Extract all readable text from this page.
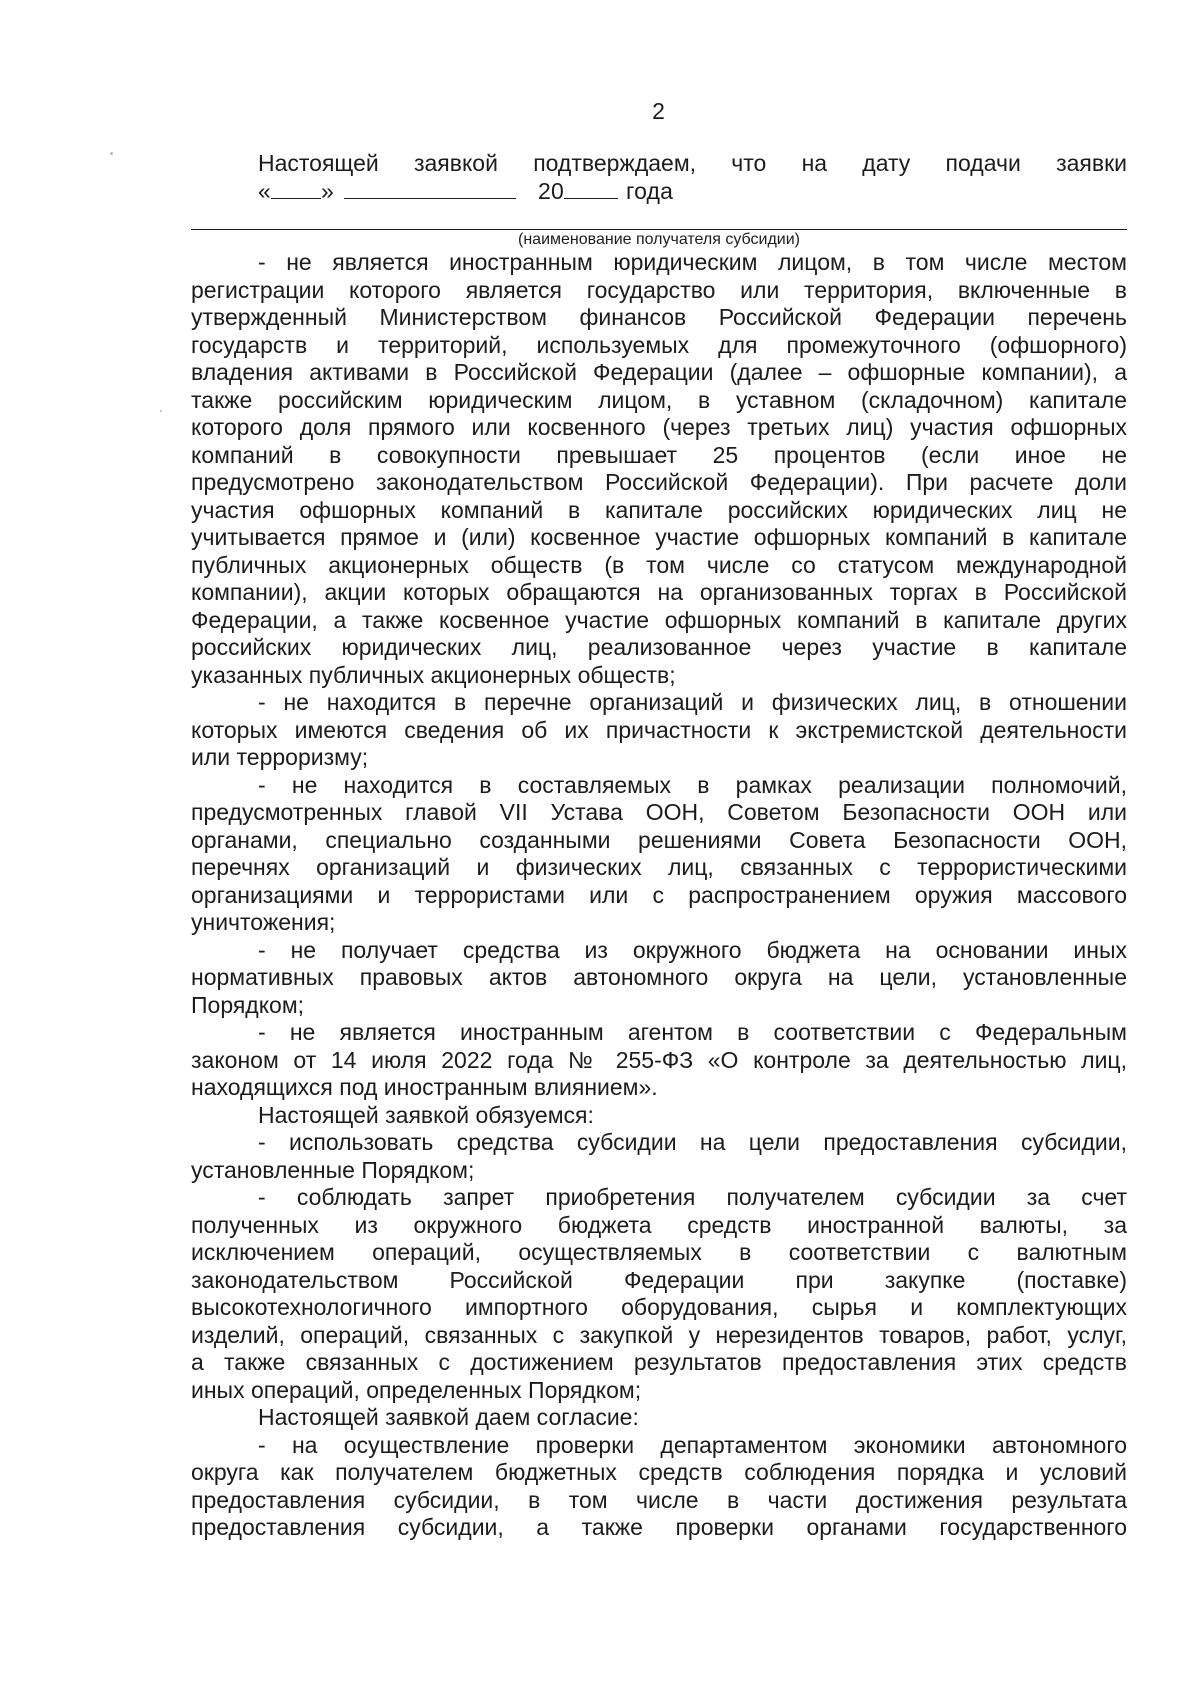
2
Настоящей заявкой подтверждаем, что на дату подачи заявки
« »	20	года
(наименование получателя субсидии)
- не является иностранным юридическим лицом, в том числе местом
регистрации которого является государство или территория, включенные в
утвержденный Министерством финансов Российской Федерации перечень
государств и территорий, используемых для промежуточного (офшорного)
владения активами в Российской Федерации (далее – офшорные компании), а
также российским юридическим лицом, в уставном (складочном) капитале
которого доля прямого или косвенного (через третьих лиц) участия офшорных
компаний в совокупности превышает 25 процентов (если иное не
предусмотрено законодательством Российской Федерации). При расчете доли
участия офшорных компаний в капитале российских юридических лиц не
учитывается прямое и (или) косвенное участие офшорных компаний в капитале
публичных акционерных обществ (в том числе со статусом международной
компании), акции которых обращаются на организованных торгах в Российской
Федерации, а также косвенное участие офшорных компаний в капитале других
российских юридических лиц, реализованное через участие в капитале
указанных публичных акционерных обществ;
- не находится в перечне организаций и физических лиц, в отношении
которых имеются сведения об их причастности к экстремистской деятельности
или терроризму;
- не находится в составляемых в рамках реализации полномочий,
предусмотренных главой VII Устава ООН, Советом Безопасности ООН или
органами, специально созданными решениями Совета Безопасности ООН,
перечнях организаций и физических лиц, связанных с террористическими
организациями и террористами или с распространением оружия массового
уничтожения;
- не получает средства из окружного бюджета на основании иных
нормативных правовых актов автономного округа на цели, установленные
Порядком;
- не является иностранным агентом в соответствии с Федеральным
законом от 14 июля 2022 года № 255-ФЗ «О контроле за деятельностью лиц,
находящихся под иностранным влиянием».
Настоящей заявкой обязуемся:
- использовать средства субсидии на цели предоставления субсидии,
установленные Порядком;
- соблюдать запрет приобретения получателем субсидии за счет
полученных из окружного бюджета средств иностранной валюты, за
исключением операций, осуществляемых в соответствии с валютным
законодательством Российской Федерации при закупке (поставке)
высокотехнологичного импортного оборудования, сырья и комплектующих
изделий, операций, связанных с закупкой у нерезидентов товаров, работ, услуг,
а также связанных с достижением результатов предоставления этих средств
иных операций, определенных Порядком;
Настоящей заявкой даем согласие:
- на осуществление проверки департаментом экономики автономного
округа как получателем бюджетных средств соблюдения порядка и условий
предоставления субсидии, в том числе в части достижения результата
предоставления субсидии, а также проверки органами государственного
